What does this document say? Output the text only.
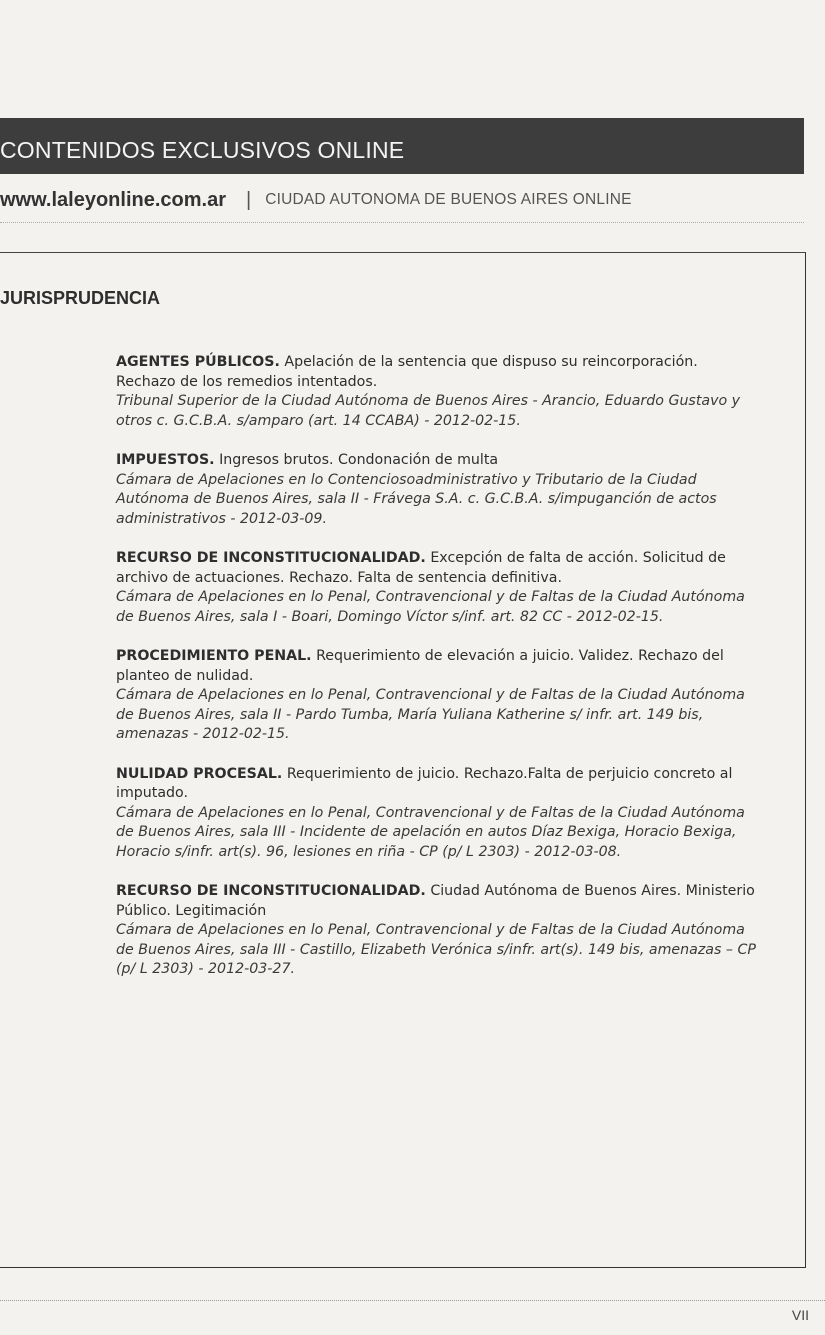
CONTENIDOS EXCLUSIVOS ONLINE
www.laleyonline.com.ar | CIUDAD AUTONOMA DE BUENOS AIRES ONLINE
JURISPRUDENCIA

AGENTES PÚBLICOS. Apelación de la sentencia que dispuso su reincorporación. Rechazo de los remedios intentados.

Tribunal Superior de la Ciudad Autónoma de Buenos Aires - Arancio, Eduardo Gustavo y otros c. G.C.B.A. s/amparo (art. 14 CCABA) - 2012-02-15.

IMPUESTOS. Ingresos brutos. Condonación de multa

Cámara de Apelaciones en lo Contenciosoadministrativo y Tributario de la Ciudad Autónoma de Buenos Aires, sala II - Frávega S.A. c. G.C.B.A. s/impuganción de actos administrativos - 2012-03-09.

RECURSO DE INCONSTITUCIONALIDAD. Excepción de falta de acción. Solicitud de archivo de actuaciones. Rechazo. Falta de sentencia definitiva.

Cámara de Apelaciones en lo Penal, Contravencional y de Faltas de la Ciudad Autónoma de Buenos Aires, sala I - Boari, Domingo Víctor s/inf. art. 82 CC - 2012-02-15.

PROCEDIMIENTO PENAL. Requerimiento de elevación a juicio. Validez. Rechazo del planteo de nulidad.

Cámara de Apelaciones en lo Penal, Contravencional y de Faltas de la Ciudad Autónoma de Buenos Aires, sala II - Pardo Tumba, María Yuliana Katherine s/ infr. art. 149 bis, amenazas - 2012-02-15.

NULIDAD PROCESAL. Requerimiento de juicio. Rechazo.Falta de perjuicio concreto al imputado.

Cámara de Apelaciones en lo Penal, Contravencional y de Faltas de la Ciudad Autónoma de Buenos Aires, sala III - Incidente de apelación en autos Díaz Bexiga, Horacio Bexiga, Horacio s/infr. art(s). 96, lesiones en riña - CP (p/ L 2303) - 2012-03-08.

RECURSO DE INCONSTITUCIONALIDAD. Ciudad Autónoma de Buenos Aires. Ministerio Público. Legitimación

Cámara de Apelaciones en lo Penal, Contravencional y de Faltas de la Ciudad Autónoma de Buenos Aires, sala III - Castillo, Elizabeth Verónica s/infr. art(s). 149 bis, amenazas – CP (p/ L 2303) - 2012-03-27.
VII
